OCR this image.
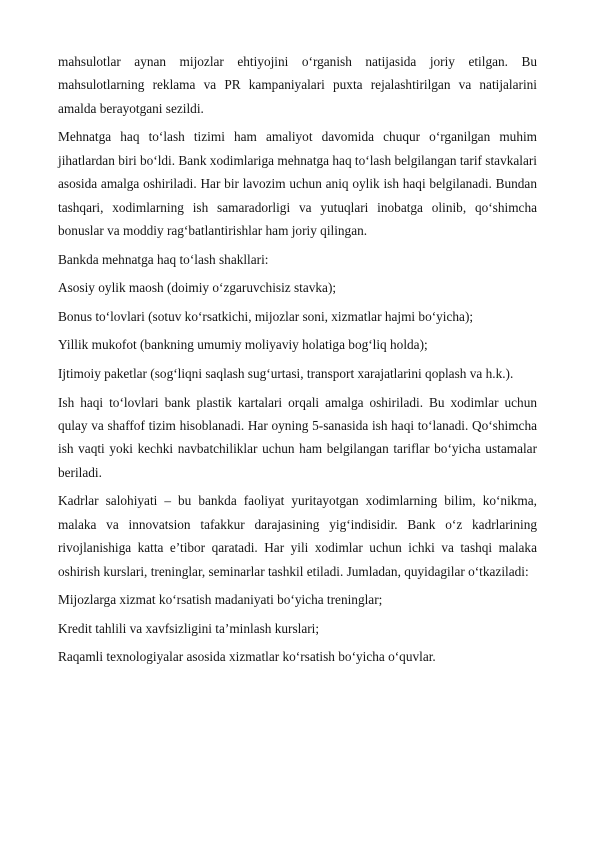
mahsulotlar aynan mijozlar ehtiyojini o‘rganish natijasida joriy etilgan. Bu mahsulotlarning reklama va PR kampaniyalari puxta rejalashtirilgan va natijalarini amalda berayotgani sezildi.

Mehnatga haq to‘lash tizimi ham amaliyot davomida chuqur o‘rganilgan muhim jihatlardan biri bo‘ldi. Bank xodimlariga mehnatga haq to‘lash belgilangan tarif stavkalari asosida amalga oshiriladi. Har bir lavozim uchun aniq oylik ish haqi belgilanadi. Bundan tashqari, xodimlarning ish samaradorligi va yutuqlari inobatga olinib, qo‘shimcha bonuslar va moddiy rag‘batlantirishlar ham joriy qilingan.

Bankda mehnatga haq to‘lash shakllari:

Asosiy oylik maosh (doimiy o‘zgaruvchisiz stavka);

Bonus to‘lovlari (sotuv ko‘rsatkichi, mijozlar soni, xizmatlar hajmi bo‘yicha);

Yillik mukofot (bankning umumiy moliyaviy holatiga bog‘liq holda);

Ijtimoiy paketlar (sog‘liqni saqlash sug‘urtasi, transport xarajatlarini qoplash va h.k.).

Ish haqi to‘lovlari bank plastik kartalari orqali amalga oshiriladi. Bu xodimlar uchun qulay va shaffof tizim hisoblanadi. Har oyning 5-sanasida ish haqi to‘lanadi. Qo‘shimcha ish vaqti yoki kechki navbatchiliklar uchun ham belgilangan tariflar bo‘yicha ustamalar beriladi.

Kadrlar salohiyati – bu bankda faoliyat yuritayotgan xodimlarning bilim, ko‘nikma, malaka va innovatsion tafakkur darajasining yig‘indisidir. Bank o‘z kadrlarining rivojlanishiga katta e’tibor qaratadi. Har yili xodimlar uchun ichki va tashqi malaka oshirish kurslari, treninglar, seminarlar tashkil etiladi. Jumladan, quyidagilar o‘tkaziladi:

Mijozlarga xizmat ko‘rsatish madaniyati bo‘yicha treninglar;

Kredit tahlili va xavfsizligini ta’minlash kurslari;

Raqamli texnologiyalar asosida xizmatlar ko‘rsatish bo‘yicha o‘quvlar.
